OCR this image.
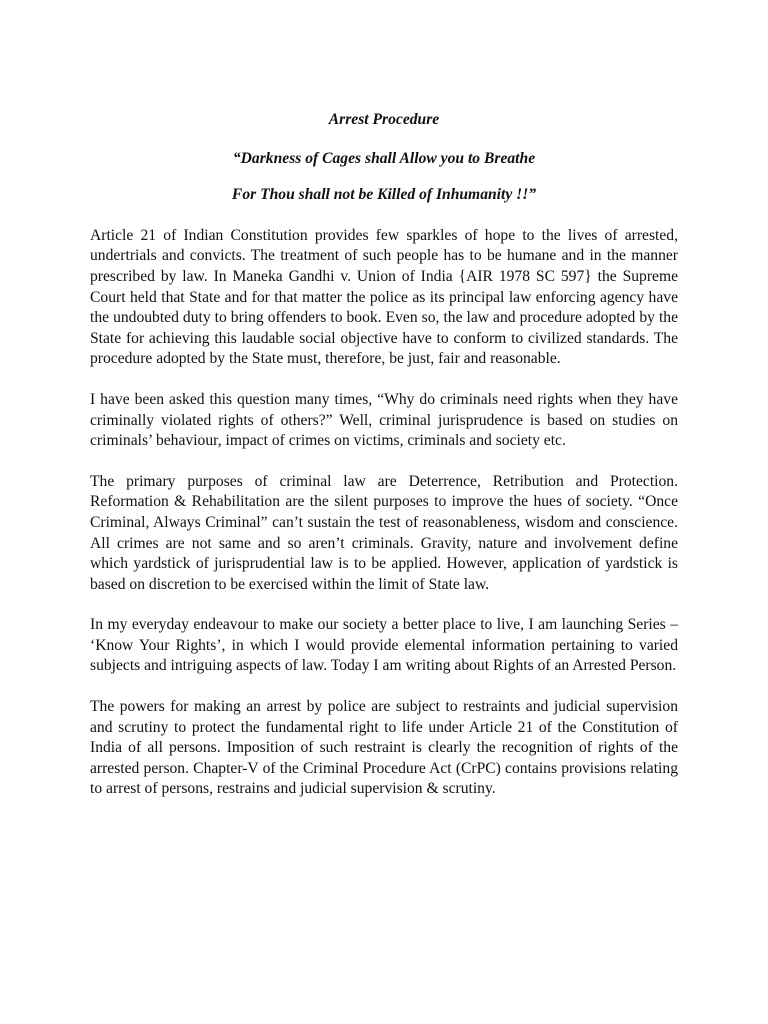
Arrest Procedure

“Darkness of Cages shall Allow you to Breathe

For Thou shall not be Killed of Inhumanity !!”

Article 21 of Indian Constitution provides few sparkles of hope to the lives of arrested, undertrials and convicts. The treatment of such people has to be humane and in the manner prescribed by law. In Maneka Gandhi v. Union of India {AIR 1978 SC 597} the Supreme Court held that State and for that matter the police as its principal law enforcing agency have the undoubted duty to bring offenders to book. Even so, the law and procedure adopted by the State for achieving this laudable social objective have to conform to civilized standards. The procedure adopted by the State must, therefore, be just, fair and reasonable.

I have been asked this question many times, “Why do criminals need rights when they have criminally violated rights of others?” Well, criminal jurisprudence is based on studies on criminals’ behaviour, impact of crimes on victims, criminals and society etc.

The primary purposes of criminal law are Deterrence, Retribution and Protection. Reformation & Rehabilitation are the silent purposes to improve the hues of society. “Once Criminal, Always Criminal” can’t sustain the test of reasonableness, wisdom and conscience. All crimes are not same and so aren’t criminals. Gravity, nature and involvement define which yardstick of jurisprudential law is to be applied. However, application of yardstick is based on discretion to be exercised within the limit of State law.

In my everyday endeavour to make our society a better place to live, I am launching Series – ‘Know Your Rights’, in which I would provide elemental information pertaining to varied subjects and intriguing aspects of law. Today I am writing about Rights of an Arrested Person.

The powers for making an arrest by police are subject to restraints and judicial supervision and scrutiny to protect the fundamental right to life under Article 21 of the Constitution of India of all persons. Imposition of such restraint is clearly the recognition of rights of the arrested person. Chapter-V of the Criminal Procedure Act (CrPC) contains provisions relating to arrest of persons, restrains and judicial supervision & scrutiny.
